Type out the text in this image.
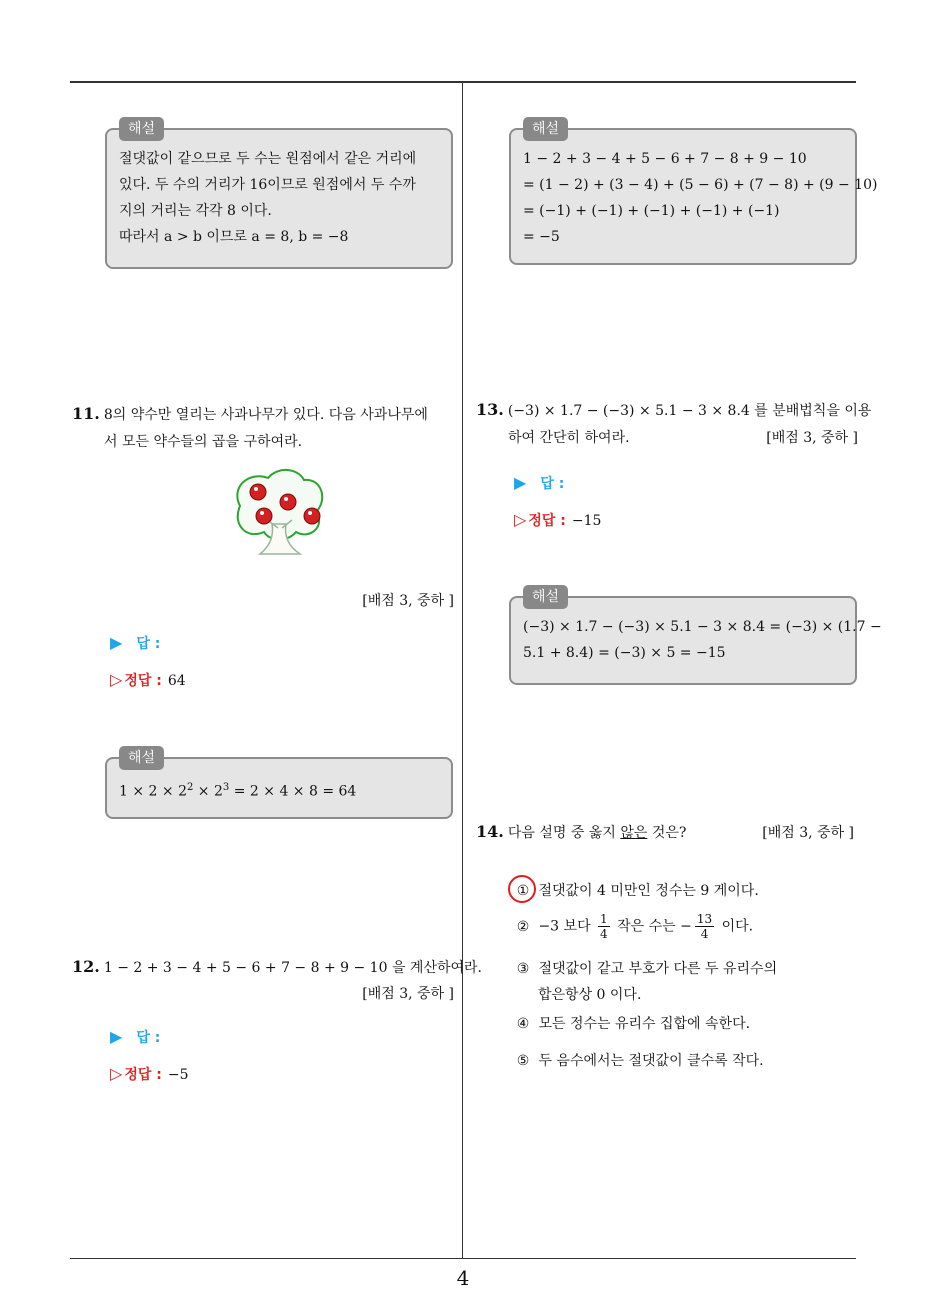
해설
절댓값이 같으므로 두 수는 원점에서 같은 거리에
있다. 두 수의 거리가 16이므로 원점에서 두 수까
지의 거리는 각각 8 이다.
따라서 a > b 이므로 a = 8, b = −8
11. 8의 약수만 열리는 사과나무가 있다. 다음 사과나무에
서 모든 약수들의 곱을 구하여라.
[배점 3, 중하 ]
▶ 답 :
▷ 정답 : 64
해설
$1 \times 2 \times 2^2 \times 2^3 = 2 \times 4 \times 8 = 64$
12. 1 − 2 + 3 − 4 + 5 − 6 + 7 − 8 + 9 − 10 을 계산하여라.
[배점 3, 중하 ]
▶ 답 :
▷ 정답 : −5
해설
1 − 2 + 3 − 4 + 5 − 6 + 7 − 8 + 9 − 10
= (1 − 2) + (3 − 4) + (5 − 6) + (7 − 8) + (9 − 10)
= (−1) + (−1) + (−1) + (−1) + (−1)
= −5
13. (−3) × 1.7 − (−3) × 5.1 − 3 × 8.4 를 분배법칙을 이용
하여 간단히 하여라.	[배점 3, 중하 ]
▶ 답 :
▷ 정답 : −15
해설
(−3) × 1.7 − (−3) × 5.1 − 3 × 8.4 = (−3) × (1.7 −
5.1 + 8.4) = (−3) × 5 = −15
14. 다음 설명 중 옳지 않은 것은?	[배점 3, 중하 ]
① 절댓값이 4 미만인 정수는 9 게이다.
② −3 보다 $\frac{1}{4}$ 작은 수는 − $\frac{13}{4}$ 이다.
③ 절댓값이 같고 부호가 다른 두 유리수의
합은항상 0 이다.
④ 모든 정수는 유리수 집합에 속한다.
⑤ 두 음수에서는 절댓값이 클수록 작다.
4
